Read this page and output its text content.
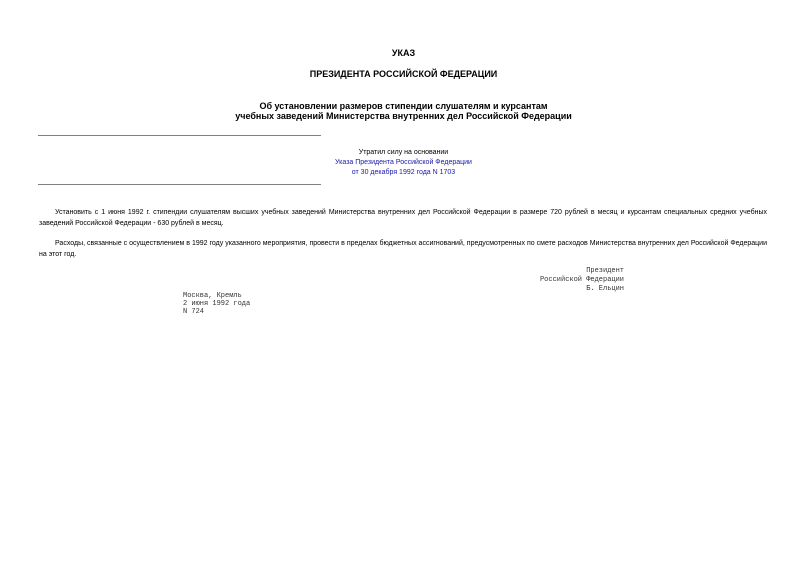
УКАЗ
ПРЕЗИДЕНТА РОССИЙСКОЙ ФЕДЕРАЦИИ
Об установлении размеров стипендии слушателям и курсантам
учебных заведений Министерства внутренних дел Российской Федерации
Утратил силу на основании
Указа Президента Российской Федерации
от 30 декабря 1992 года N 1703

Установить с 1 июня 1992 г. стипендии слушателям высших учебных заведений Министерства внутренних дел Российской Федерации в размере 720 рублей в месяц и курсантам специальных средних учебных заведений Российской Федерации - 630 рублей в месяц.

Расходы, связанные с осуществлением в 1992 году указанного мероприятия, провести в пределах бюджетных ассигнований, предусмотренных по смете расходов Министерства внутренних дел Российской Федерации на этот год.

Президент
Российской Федерации
Б. Ельцин
Москва, Кремль
2 июня 1992 года
N 724
